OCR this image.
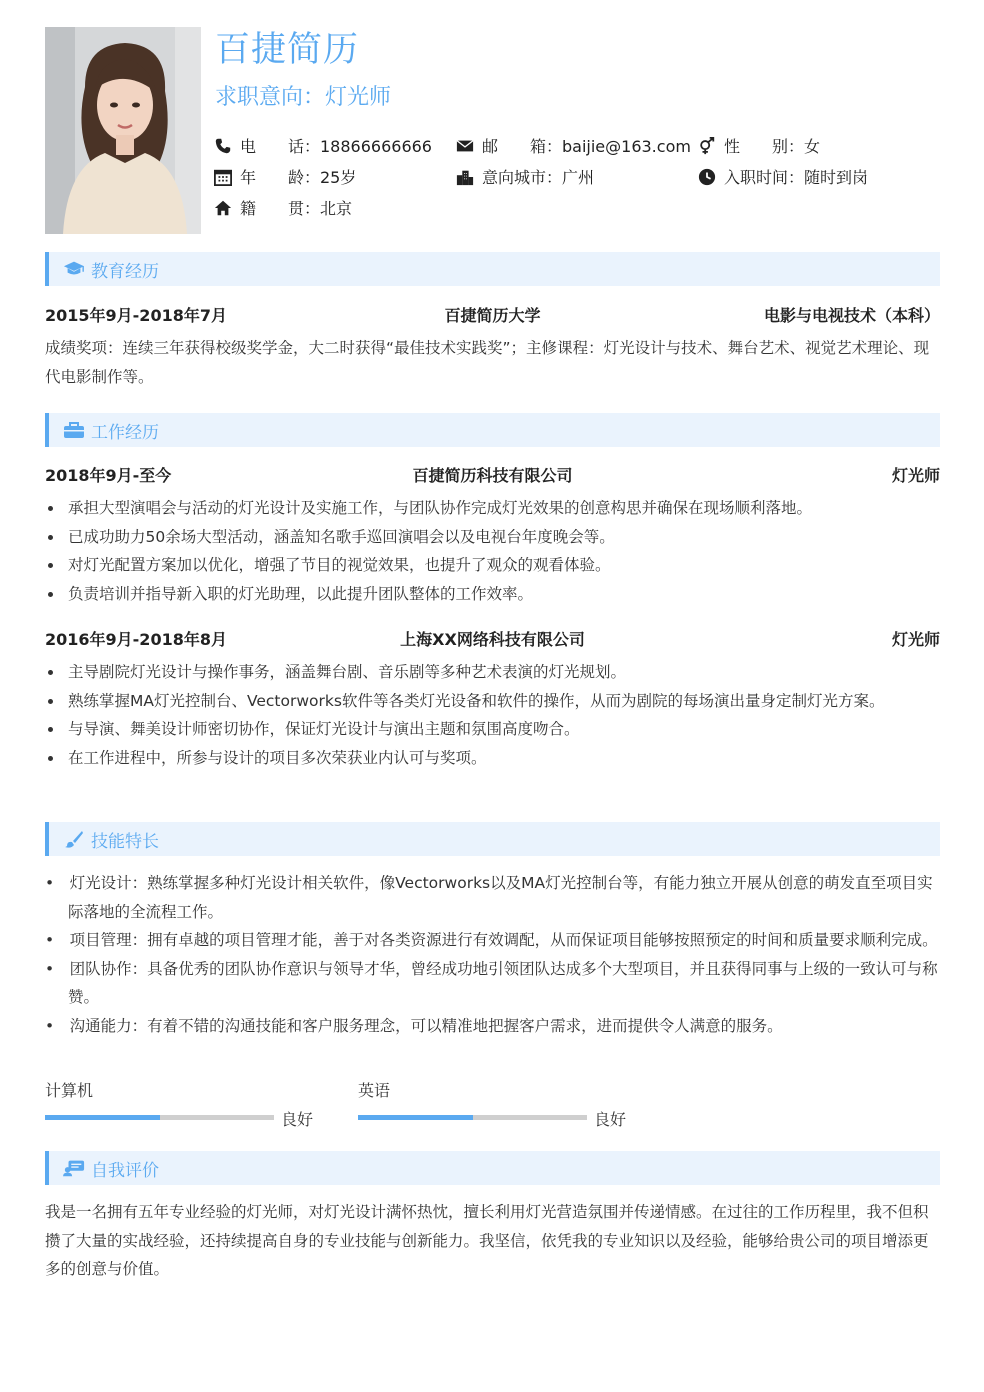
百捷简历
求职意向：灯光师
电　　话：18866666666	邮　　箱：baijie@163.com 性　　别：女
年　　龄：25岁	意向城市：广州	入职时间：随时到岗
籍　　贯：北京
教育经历
2015年9月-2018年7月	百捷简历大学	电影与电视技术（本科）
成绩奖项：连续三年获得校级奖学金，大二时获得“最佳技术实践奖”；主修课程：灯光设计与技术、舞台艺术、视觉艺术理论、现代电影制作等。
工作经历
2018年9月-至今	百捷简历科技有限公司	灯光师
承担大型演唱会与活动的灯光设计及实施工作，与团队协作完成灯光效果的创意构思并确保在现场顺利落地。
已成功助力50余场大型活动，涵盖知名歌手巡回演唱会以及电视台年度晚会等。
对灯光配置方案加以优化，增强了节目的视觉效果，也提升了观众的观看体验。
负责培训并指导新入职的灯光助理，以此提升团队整体的工作效率。
2016年9月-2018年8月	上海XX网络科技有限公司	灯光师
主导剧院灯光设计与操作事务，涵盖舞台剧、音乐剧等多种艺术表演的灯光规划。
熟练掌握MA灯光控制台、Vectorworks软件等各类灯光设备和软件的操作，从而为剧院的每场演出量身定制灯光方案。
与导演、舞美设计师密切协作，保证灯光设计与演出主题和氛围高度吻合。
在工作进程中，所参与设计的项目多次荣获业内认可与奖项。
技能特长
•　灯光设计：熟练掌握多种灯光设计相关软件，像Vectorworks以及MA灯光控制台等，有能力独立开展从创意的萌发直至项目实际落地的全流程工作。
•　项目管理：拥有卓越的项目管理才能，善于对各类资源进行有效调配，从而保证项目能够按照预定的时间和质量要求顺利完成。
•　团队协作：具备优秀的团队协作意识与领导才华，曾经成功地引领团队达成多个大型项目，并且获得同事与上级的一致认可与称赞。
•　沟通能力：有着不错的沟通技能和客户服务理念，可以精准地把握客户需求，进而提供令人满意的服务。
计算机
良好
英语
良好
自我评价
我是一名拥有五年专业经验的灯光师，对灯光设计满怀热忱，擅长利用灯光营造氛围并传递情感。在过往的工作历程里，我不但积攒了大量的实战经验，还持续提高自身的专业技能与创新能力。我坚信，依凭我的专业知识以及经验，能够给贵公司的项目增添更多的创意与价值。
